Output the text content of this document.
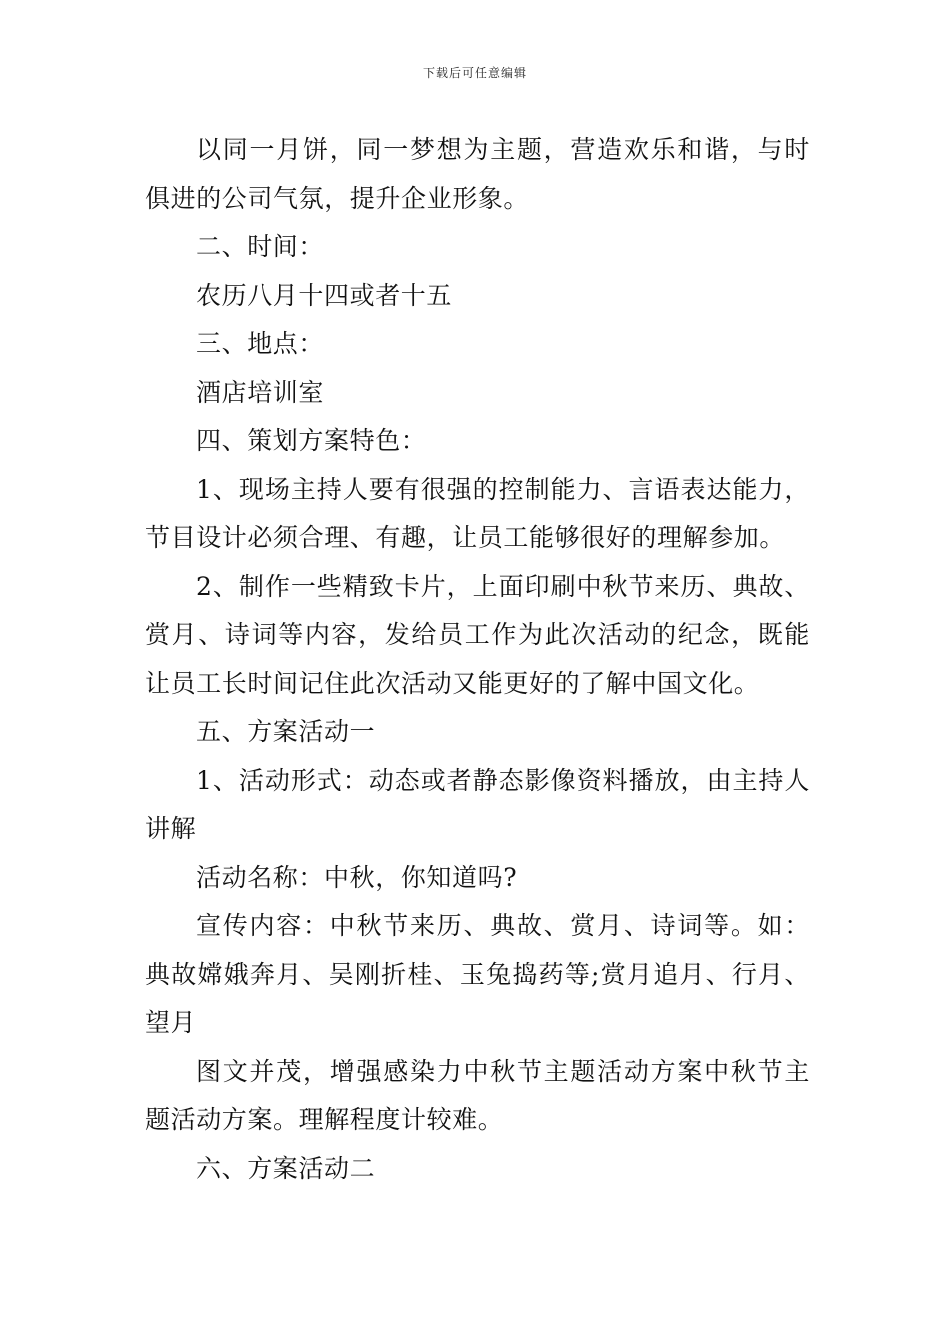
下载后可任意编辑

以同一月饼，同一梦想为主题，营造欢乐和谐，与时俱进的公司气氛，提升企业形象。

二、时间：

农历八月十四或者十五

三、地点：

酒店培训室

四、策划方案特色：

1、现场主持人要有很强的控制能力、言语表达能力，节目设计必须合理、有趣，让员工能够很好的理解参加。

2、制作一些精致卡片，上面印刷中秋节来历、典故、赏月、诗词等内容，发给员工作为此次活动的纪念，既能让员工长时间记住此次活动又能更好的了解中国文化。

五、方案活动一

1、活动形式：动态或者静态影像资料播放，由主持人讲解

活动名称：中秋，你知道吗?

宣传内容：中秋节来历、典故、赏月、诗词等。如：典故嫦娥奔月、吴刚折桂、玉兔捣药等;赏月追月、行月、望月

图文并茂，增强感染力中秋节主题活动方案中秋节主题活动方案。理解程度计较难。

六、方案活动二
